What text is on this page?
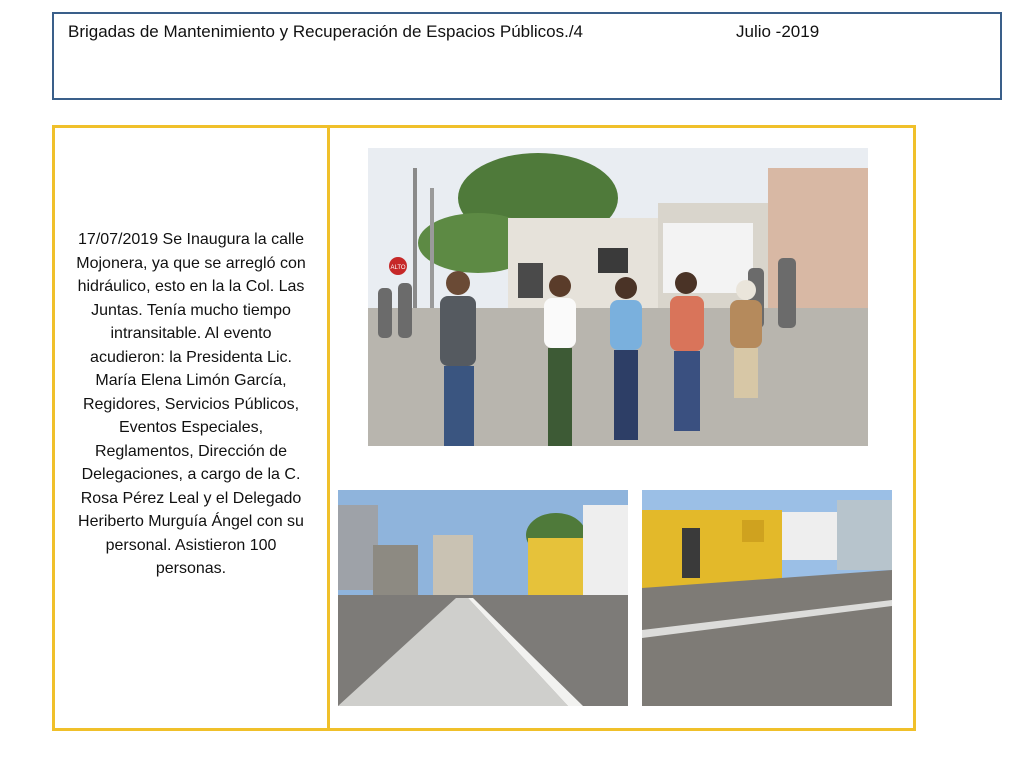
Brigadas de Mantenimiento y Recuperación de Espacios Públicos./4	Julio -2019
17/07/2019 Se Inaugura la calle Mojonera, ya que se arregló con hidráulico, esto en la la Col. Las Juntas. Tenía mucho tiempo intransitable. Al evento acudieron: la Presidenta Lic. María Elena Limón García, Regidores, Servicios Públicos, Eventos Especiales, Reglamentos, Dirección de Delegaciones, a cargo de la C. Rosa Pérez Leal y el Delegado Heriberto Murguía Ángel con su personal. Asistieron 100 personas.
ALTO
